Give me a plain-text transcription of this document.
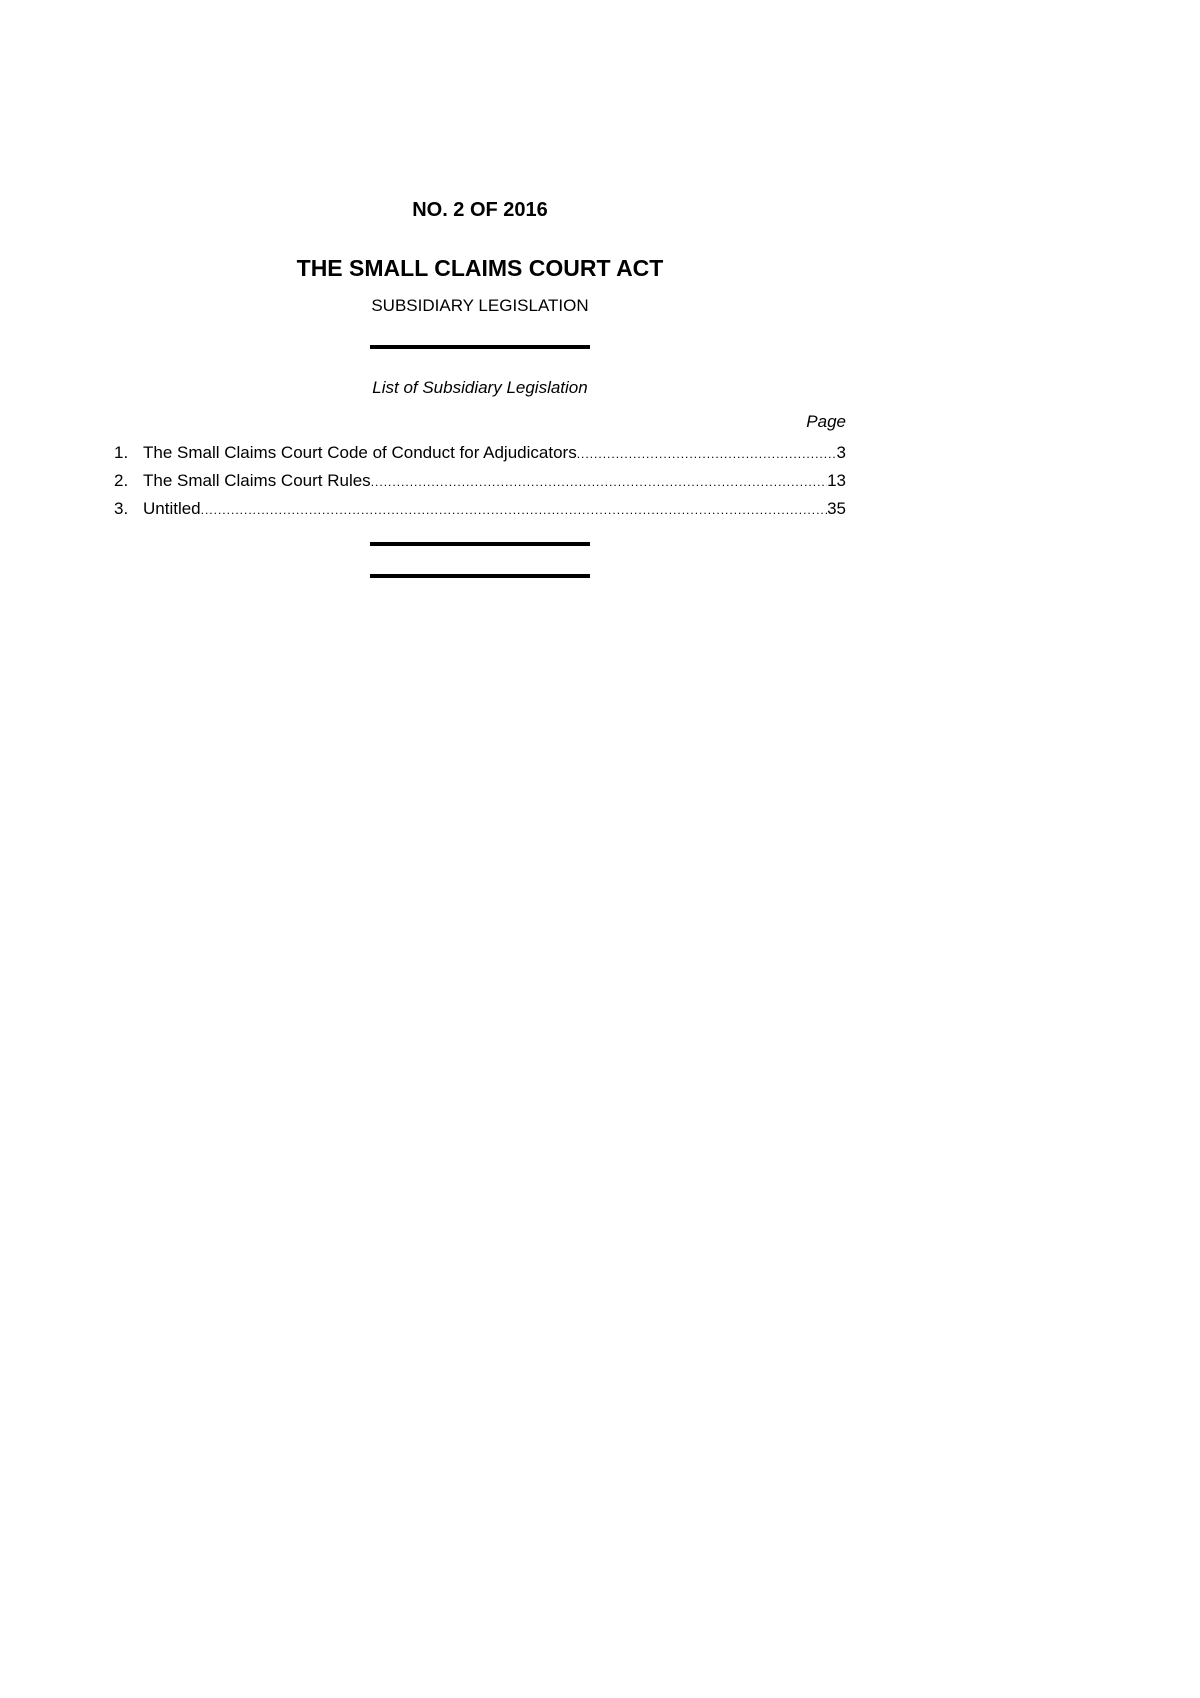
NO. 2 OF 2016
THE SMALL CLAIMS COURT ACT
SUBSIDIARY LEGISLATION
List of Subsidiary Legislation
Page
1. The Small Claims Court Code of Conduct for Adjudicators .....	3
2. The Small Claims Court Rules .....	13
3. Untitled .....	35
